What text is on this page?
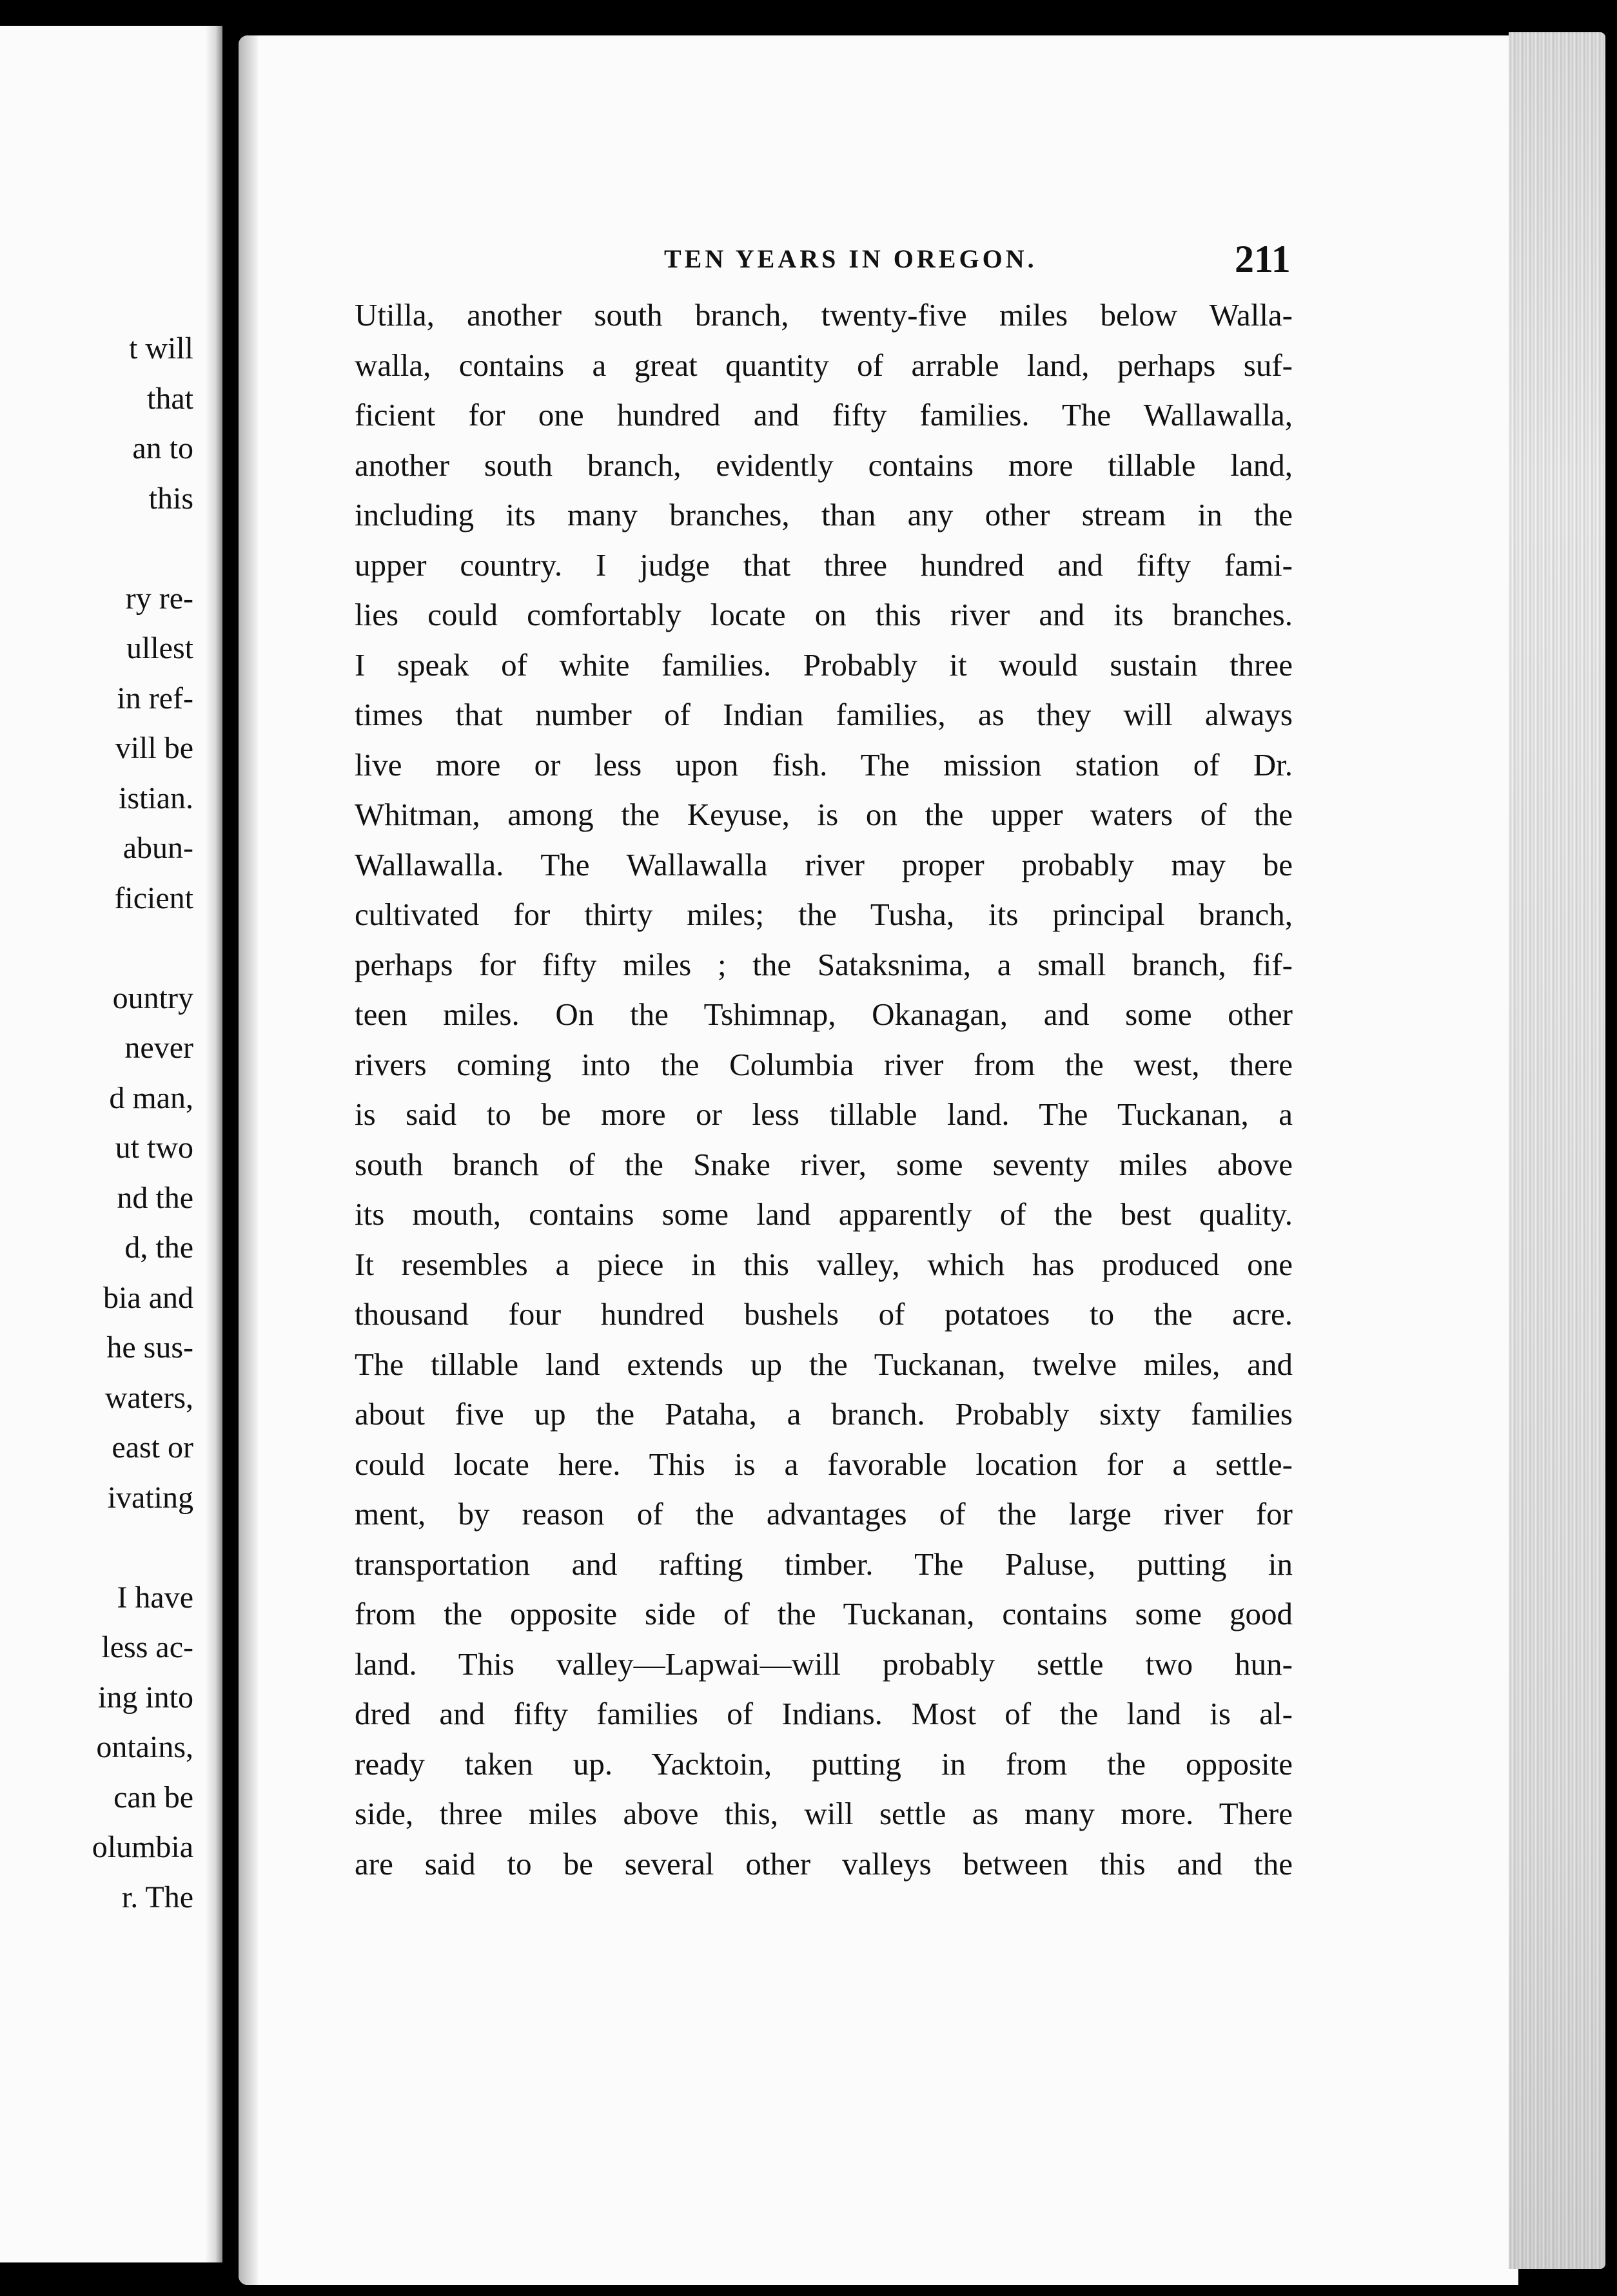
t will
that
an to
this
ry re-
ullest
in ref-
vill be
istian.
abun-
ficient
ountry
never
d man,
ut two
nd the
d, the
bia and
he sus-
waters,
east or
ivating
I have
less ac-
ing into
ontains,
can be
olumbia
r. The
TEN YEARS IN OREGON.	211
Utilla, another south branch, twenty-five miles below Walla-
walla, contains a great quantity of arrable land, perhaps suf-
ficient for one hundred and fifty families. The Wallawalla,
another south branch, evidently contains more tillable land,
including its many branches, than any other stream in the
upper country. I judge that three hundred and fifty fami-
lies could comfortably locate on this river and its branches.
I speak of white families. Probably it would sustain three
times that number of Indian families, as they will always
live more or less upon fish. The mission station of Dr.
Whitman, among the Keyuse, is on the upper waters of the
Wallawalla. The Wallawalla river proper probably may be
cultivated for thirty miles; the Tusha, its principal branch,
perhaps for fifty miles ; the Sataksnima, a small branch, fif-
teen miles. On the Tshimnap, Okanagan, and some other
rivers coming into the Columbia river from the west, there
is said to be more or less tillable land. The Tuckanan, a
south branch of the Snake river, some seventy miles above
its mouth, contains some land apparently of the best quality.
It resembles a piece in this valley, which has produced one
thousand four hundred bushels of potatoes to the acre.
The tillable land extends up the Tuckanan, twelve miles, and
about five up the Pataha, a branch. Probably sixty families
could locate here. This is a favorable location for a settle-
ment, by reason of the advantages of the large river for
transportation and rafting timber. The Paluse, putting in
from the opposite side of the Tuckanan, contains some good
land. This valley—Lapwai—will probably settle two hun-
dred and fifty families of Indians. Most of the land is al-
ready taken up. Yacktoin, putting in from the opposite
side, three miles above this, will settle as many more. There
are said to be several other valleys between this and the
